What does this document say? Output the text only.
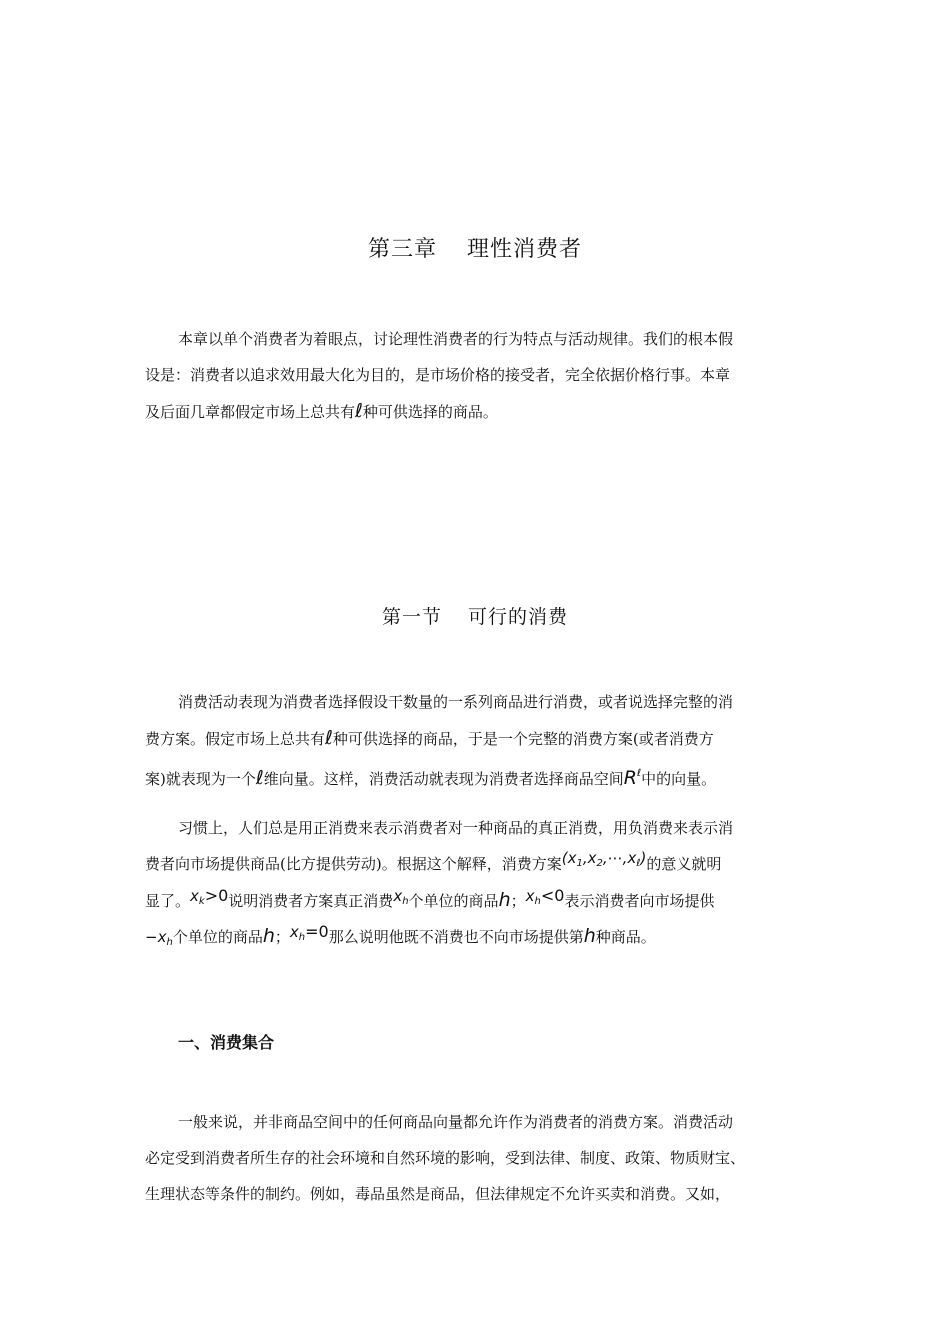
第三章 理性消费者
本章以单个消费者为着眼点，讨论理性消费者的行为特点与活动规律。我们的根本假
设是：消费者以追求效用最大化为目的，是市场价格的接受者，完全依据价格行事。本章
及后面几章都假定市场上总共有ℓ种可供选择的商品。
第一节 可行的消费
消费活动表现为消费者选择假设干数量的一系列商品进行消费，或者说选择完整的消
费方案。假定市场上总共有ℓ种可供选择的商品，于是一个完整的消费方案(或者消费方
案)就表现为一个ℓ维向量。这样，消费活动就表现为消费者选择商品空间$R^\ell$中的向量。
习惯上，人们总是用正消费来表示消费者对一种商品的真正消费，用负消费来表示消
费者向市场提供商品(比方提供劳动)。根据这个解释，消费方案$(x_1,x_2,\cdots,x_\ell)$的意义就明
显了。$x_k>0$说明消费者方案真正消费$x_h$个单位的商品h；$x_h<0$表示消费者向市场提供
$-x_h$个单位的商品h；$x_h=0$那么说明他既不消费也不向市场提供第h种商品。
一、消费集合
一般来说，并非商品空间中的任何商品向量都允许作为消费者的消费方案。消费活动
必定受到消费者所生存的社会环境和自然环境的影响，受到法律、制度、政策、物质财宝、
生理状态等条件的制约。例如，毒品虽然是商品，但法律规定不允许买卖和消费。又如，
